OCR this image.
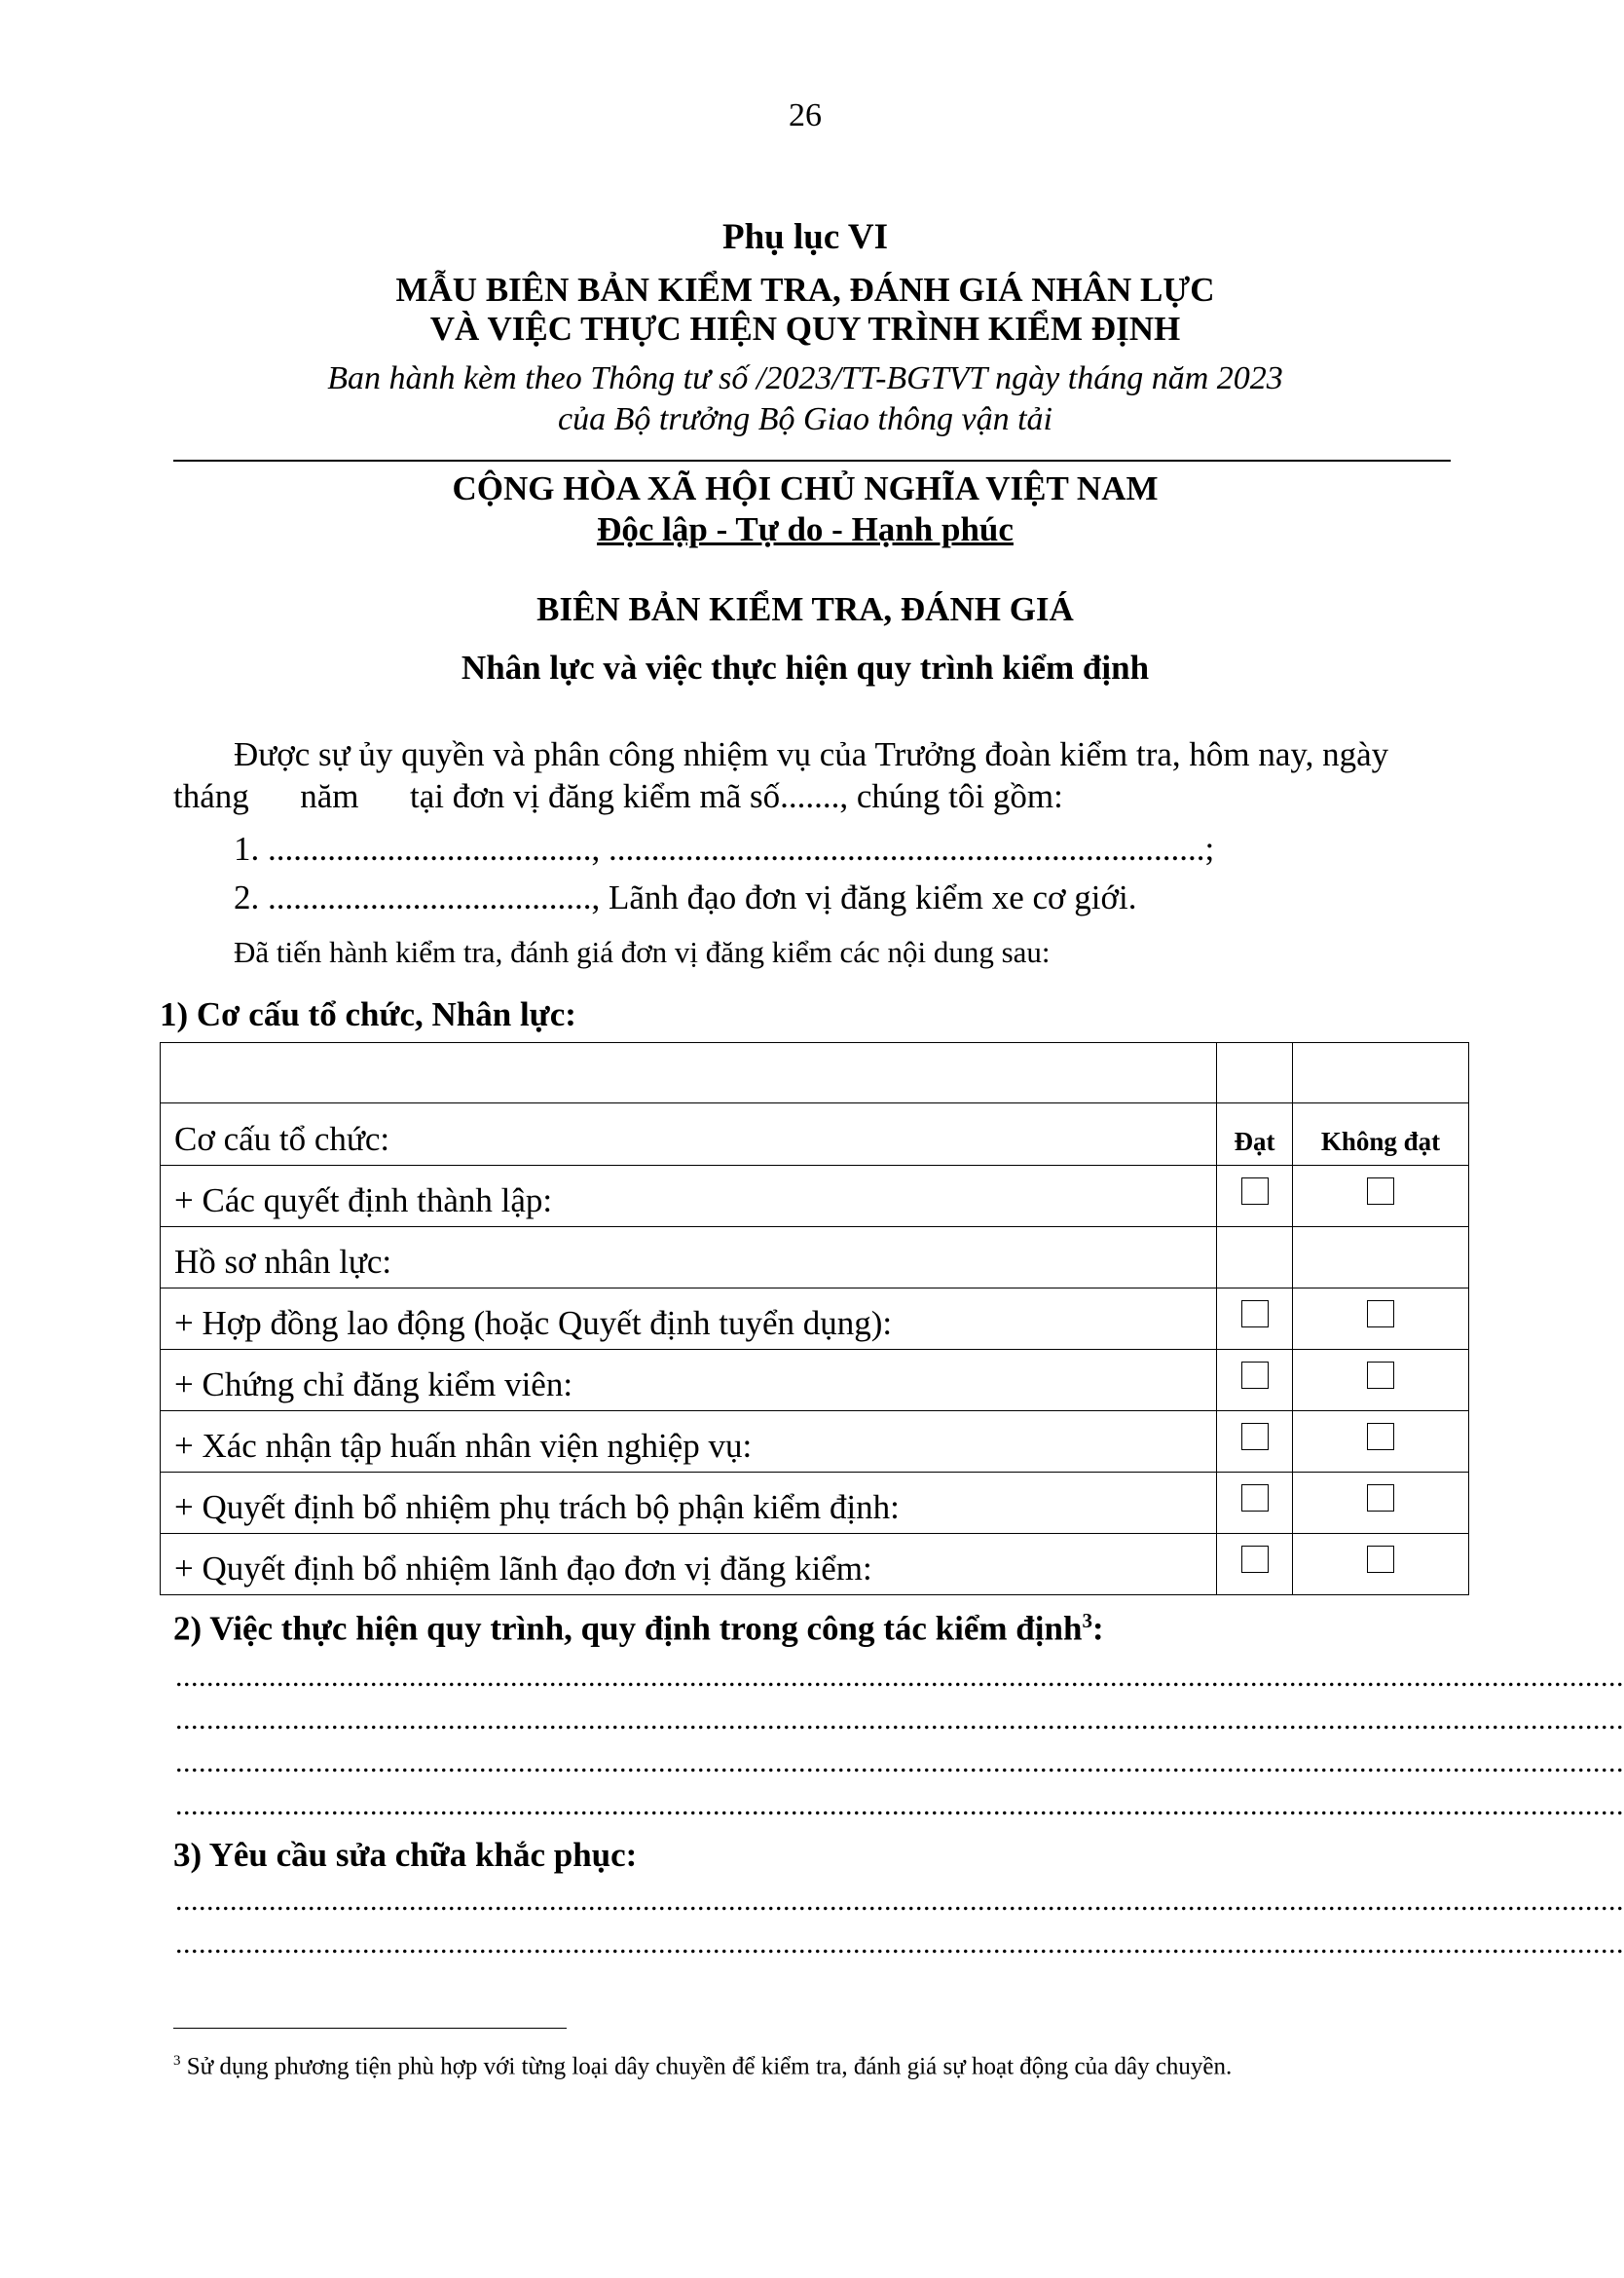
26
Phụ lục VI
MẪU BIÊN BẢN KIỂM TRA, ĐÁNH GIÁ NHÂN LỰC
VÀ VIỆC THỰC HIỆN QUY TRÌNH KIỂM ĐỊNH
Ban hành kèm theo Thông tư số /2023/TT-BGTVT ngày tháng năm 2023
của Bộ trưởng Bộ Giao thông vận tải
CỘNG HÒA XÃ HỘI CHỦ NGHĨA VIỆT NAM
Độc lập - Tự do - Hạnh phúc
BIÊN BẢN KIỂM TRA, ĐÁNH GIÁ
Nhân lực và việc thực hiện quy trình kiểm định
Được sự ủy quyền và phân công nhiệm vụ của Trưởng đoàn kiểm tra, hôm nay, ngày
tháng      năm      tại đơn vị đăng kiểm mã số......., chúng tôi gồm:
1. ......................................, ......................................................................;
2. ......................................, Lãnh đạo đơn vị đăng kiểm xe cơ giới.
Đã tiến hành kiểm tra, đánh giá đơn vị đăng kiểm các nội dung sau:
1) Cơ cấu tổ chức, Nhân lực:

Cơ cấu tổ chức:	Đạt	Không đạt
+ Các quyết định thành lập:		
Hồ sơ nhân lực:		
+ Hợp đồng lao động (hoặc Quyết định tuyển dụng):		
+ Chứng chỉ đăng kiểm viên:		
+ Xác nhận tập huấn nhân viện nghiệp vụ:		
+ Quyết định bổ nhiệm phụ trách bộ phận kiểm định:		
+ Quyết định bổ nhiệm lãnh đạo đơn vị đăng kiểm:		
2) Việc thực hiện quy trình, quy định trong công tác kiểm định$^3$:
..........................................................................................................................................................................................
..........................................................................................................................................................................................
..........................................................................................................................................................................................
..........................................................................................................................................................................................
3) Yêu cầu sửa chữa khắc phục:
..........................................................................................................................................................................................
..........................................................................................................................................................................................
$^3$ Sử dụng phương tiện phù hợp với từng loại dây chuyền để kiểm tra, đánh giá sự hoạt động của dây chuyền.
